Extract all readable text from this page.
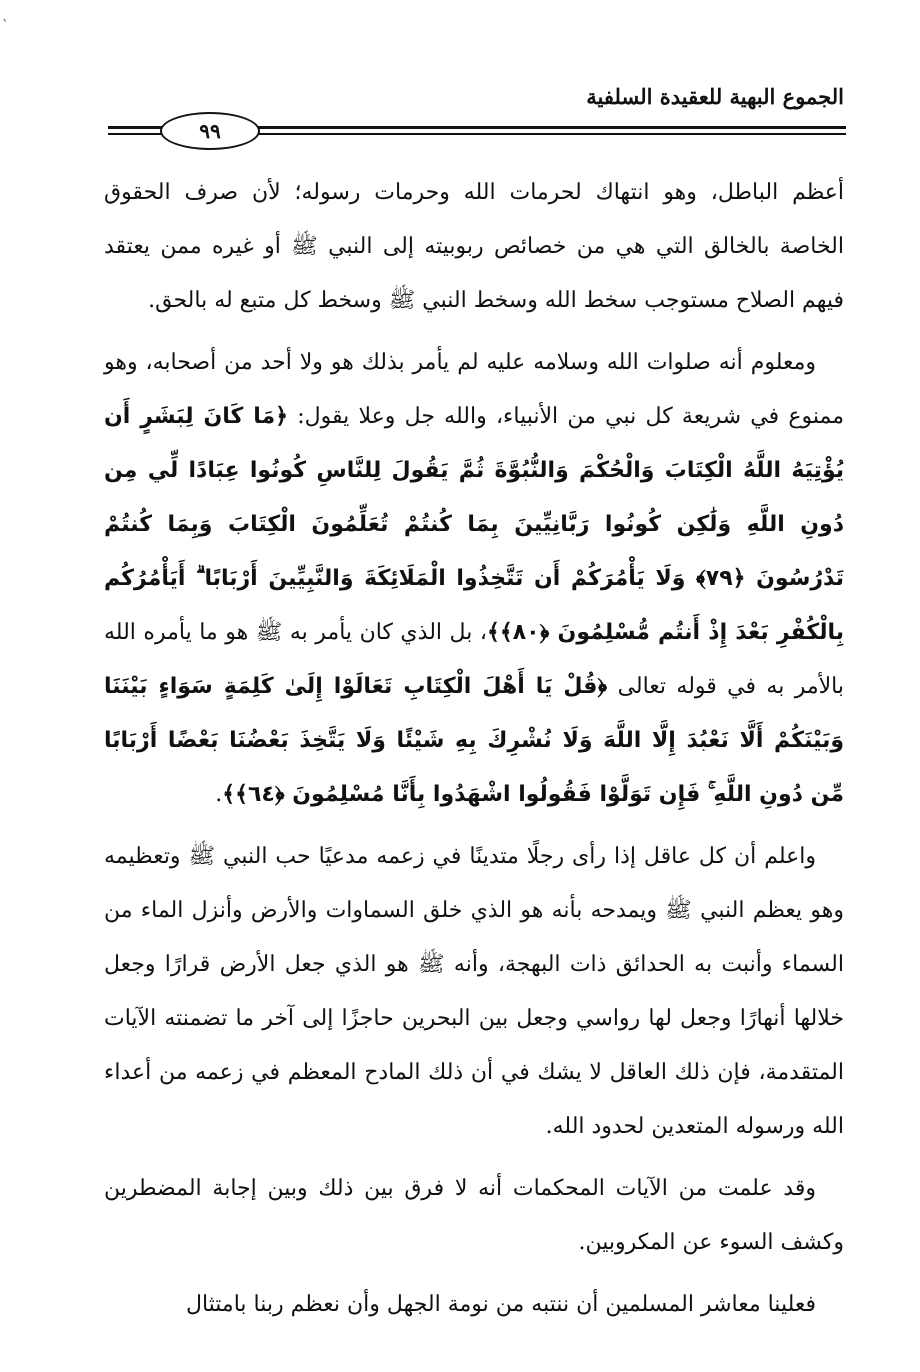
`
الجموع البهية للعقيدة السلفية
٩٩

أعظم الباطل، وهو انتهاك لحرمات الله وحرمات رسوله؛ لأن صرف الحقوق الخاصة بالخالق التي هي من خصائص ربوبيته إلى النبي ﷺ أو غيره ممن يعتقد فيهم الصلاح مستوجب سخط الله وسخط النبي ﷺ وسخط كل متبع له بالحق.

ومعلوم أنه صلوات الله وسلامه عليه لم يأمر بذلك هو ولا أحد من أصحابه، وهو ممنوع في شريعة كل نبي من الأنبياء، والله جل وعلا يقول: ﴿مَا كَانَ لِبَشَرٍ أَن يُؤْتِيَهُ اللَّهُ الْكِتَابَ وَالْحُكْمَ وَالنُّبُوَّةَ ثُمَّ يَقُولَ لِلنَّاسِ كُونُوا عِبَادًا لِّي مِن دُونِ اللَّهِ وَلَٰكِن كُونُوا رَبَّانِيِّينَ بِمَا كُنتُمْ تُعَلِّمُونَ الْكِتَابَ وَبِمَا كُنتُمْ تَدْرُسُونَ ﴿٧٩﴾ وَلَا يَأْمُرَكُمْ أَن تَتَّخِذُوا الْمَلَائِكَةَ وَالنَّبِيِّينَ أَرْبَابًا ۗ أَيَأْمُرُكُم بِالْكُفْرِ بَعْدَ إِذْ أَنتُم مُّسْلِمُونَ ﴿٨٠﴾﴾، بل الذي كان يأمر به ﷺ هو ما يأمره الله بالأمر به في قوله تعالى ﴿قُلْ يَا أَهْلَ الْكِتَابِ تَعَالَوْا إِلَىٰ كَلِمَةٍ سَوَاءٍ بَيْنَنَا وَبَيْنَكُمْ أَلَّا نَعْبُدَ إِلَّا اللَّهَ وَلَا نُشْرِكَ بِهِ شَيْئًا وَلَا يَتَّخِذَ بَعْضُنَا بَعْضًا أَرْبَابًا مِّن دُونِ اللَّهِ ۚ فَإِن تَوَلَّوْا فَقُولُوا اشْهَدُوا بِأَنَّا مُسْلِمُونَ ﴿٦٤﴾﴾.

واعلم أن كل عاقل إذا رأى رجلًا متدينًا في زعمه مدعيًا حب النبي ﷺ وتعظيمه وهو يعظم النبي ﷺ ويمدحه بأنه هو الذي خلق السماوات والأرض وأنزل الماء من السماء وأنبت به الحدائق ذات البهجة، وأنه ﷺ هو الذي جعل الأرض قرارًا وجعل خلالها أنهارًا وجعل لها رواسي وجعل بين البحرين حاجزًا إلى آخر ما تضمنته الآيات المتقدمة، فإن ذلك العاقل لا يشك في أن ذلك المادح المعظم في زعمه من أعداء الله ورسوله المتعدين لحدود الله.

وقد علمت من الآيات المحكمات أنه لا فرق بين ذلك وبين إجابة المضطرين وكشف السوء عن المكروبين.

فعلينا معاشر المسلمين أن ننتبه من نومة الجهل وأن نعظم ربنا بامتثال
